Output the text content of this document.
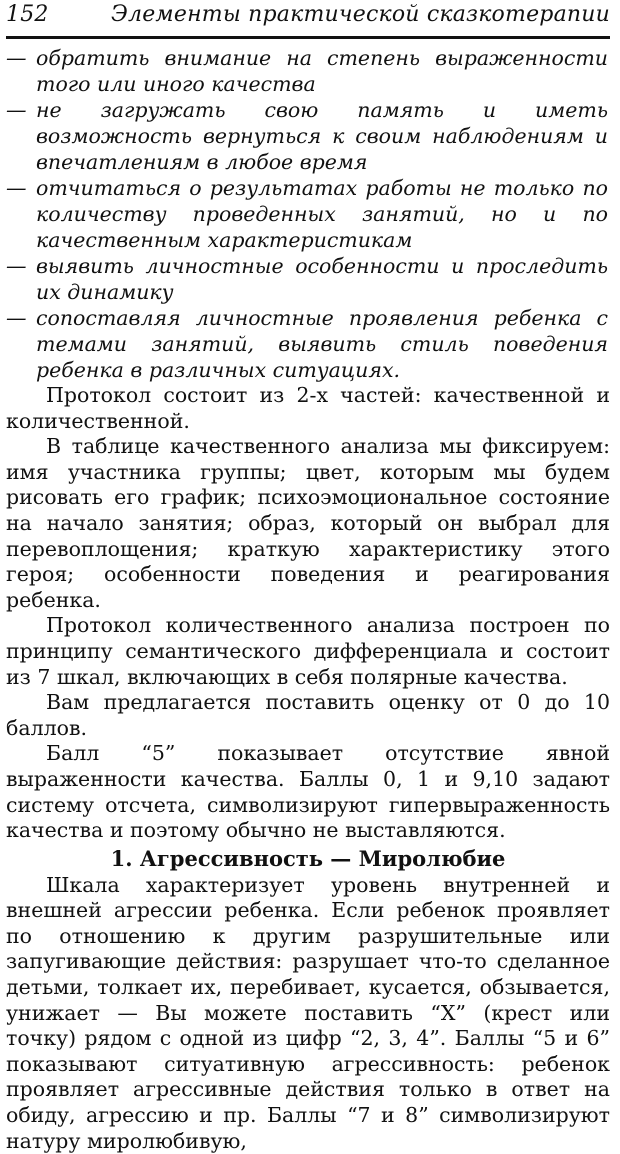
152	Элементы практической сказкотерапии
— обратить внимание на степень выраженности того или иного качества
— не загружать свою память и иметь возможность вернуться к своим наблюдениям и впечатлениям в любое время
— отчитаться о результатах работы не только по количеству проведенных занятий, но и по качественным характеристикам
— выявить личностные особенности и проследить их динамику
— сопоставляя личностные проявления ребенка с темами занятий, выявить стиль поведения ребенка в различных ситуациях.

Протокол состоит из 2-х частей: качественной и количественной.

В таблице качественного анализа мы фиксируем: имя участника группы; цвет, которым мы будем рисовать его график; психоэмоциональное состояние на начало занятия; образ, который он выбрал для перевоплощения; краткую характеристику этого героя; особенности поведения и реагирования ребенка.

Протокол количественного анализа построен по принципу семантического дифференциала и состоит из 7 шкал, включающих в себя полярные качества.

Вам предлагается поставить оценку от 0 до 10 баллов.

Балл “5” показывает отсутствие явной выраженности качества. Баллы 0, 1 и 9,10 задают систему отсчета, символизируют гипервыраженность качества и поэтому обычно не выставляются.

1. Агрессивность — Миролюбие

Шкала характеризует уровень внутренней и внешней агрессии ребенка. Если ребенок проявляет по отношению к другим разрушительные или запугивающие действия: разрушает что-то сделанное детьми, толкает их, перебивает, кусается, обзывается, унижает — Вы можете поставить “X” (крест или точку) рядом с одной из цифр “2, 3, 4”. Баллы “5 и 6” показывают ситуативную агрессивность: ребенок проявляет агрессивные действия только в ответ на обиду, агрессию и пр. Баллы “7 и 8” символизируют натуру миролюбивую,
